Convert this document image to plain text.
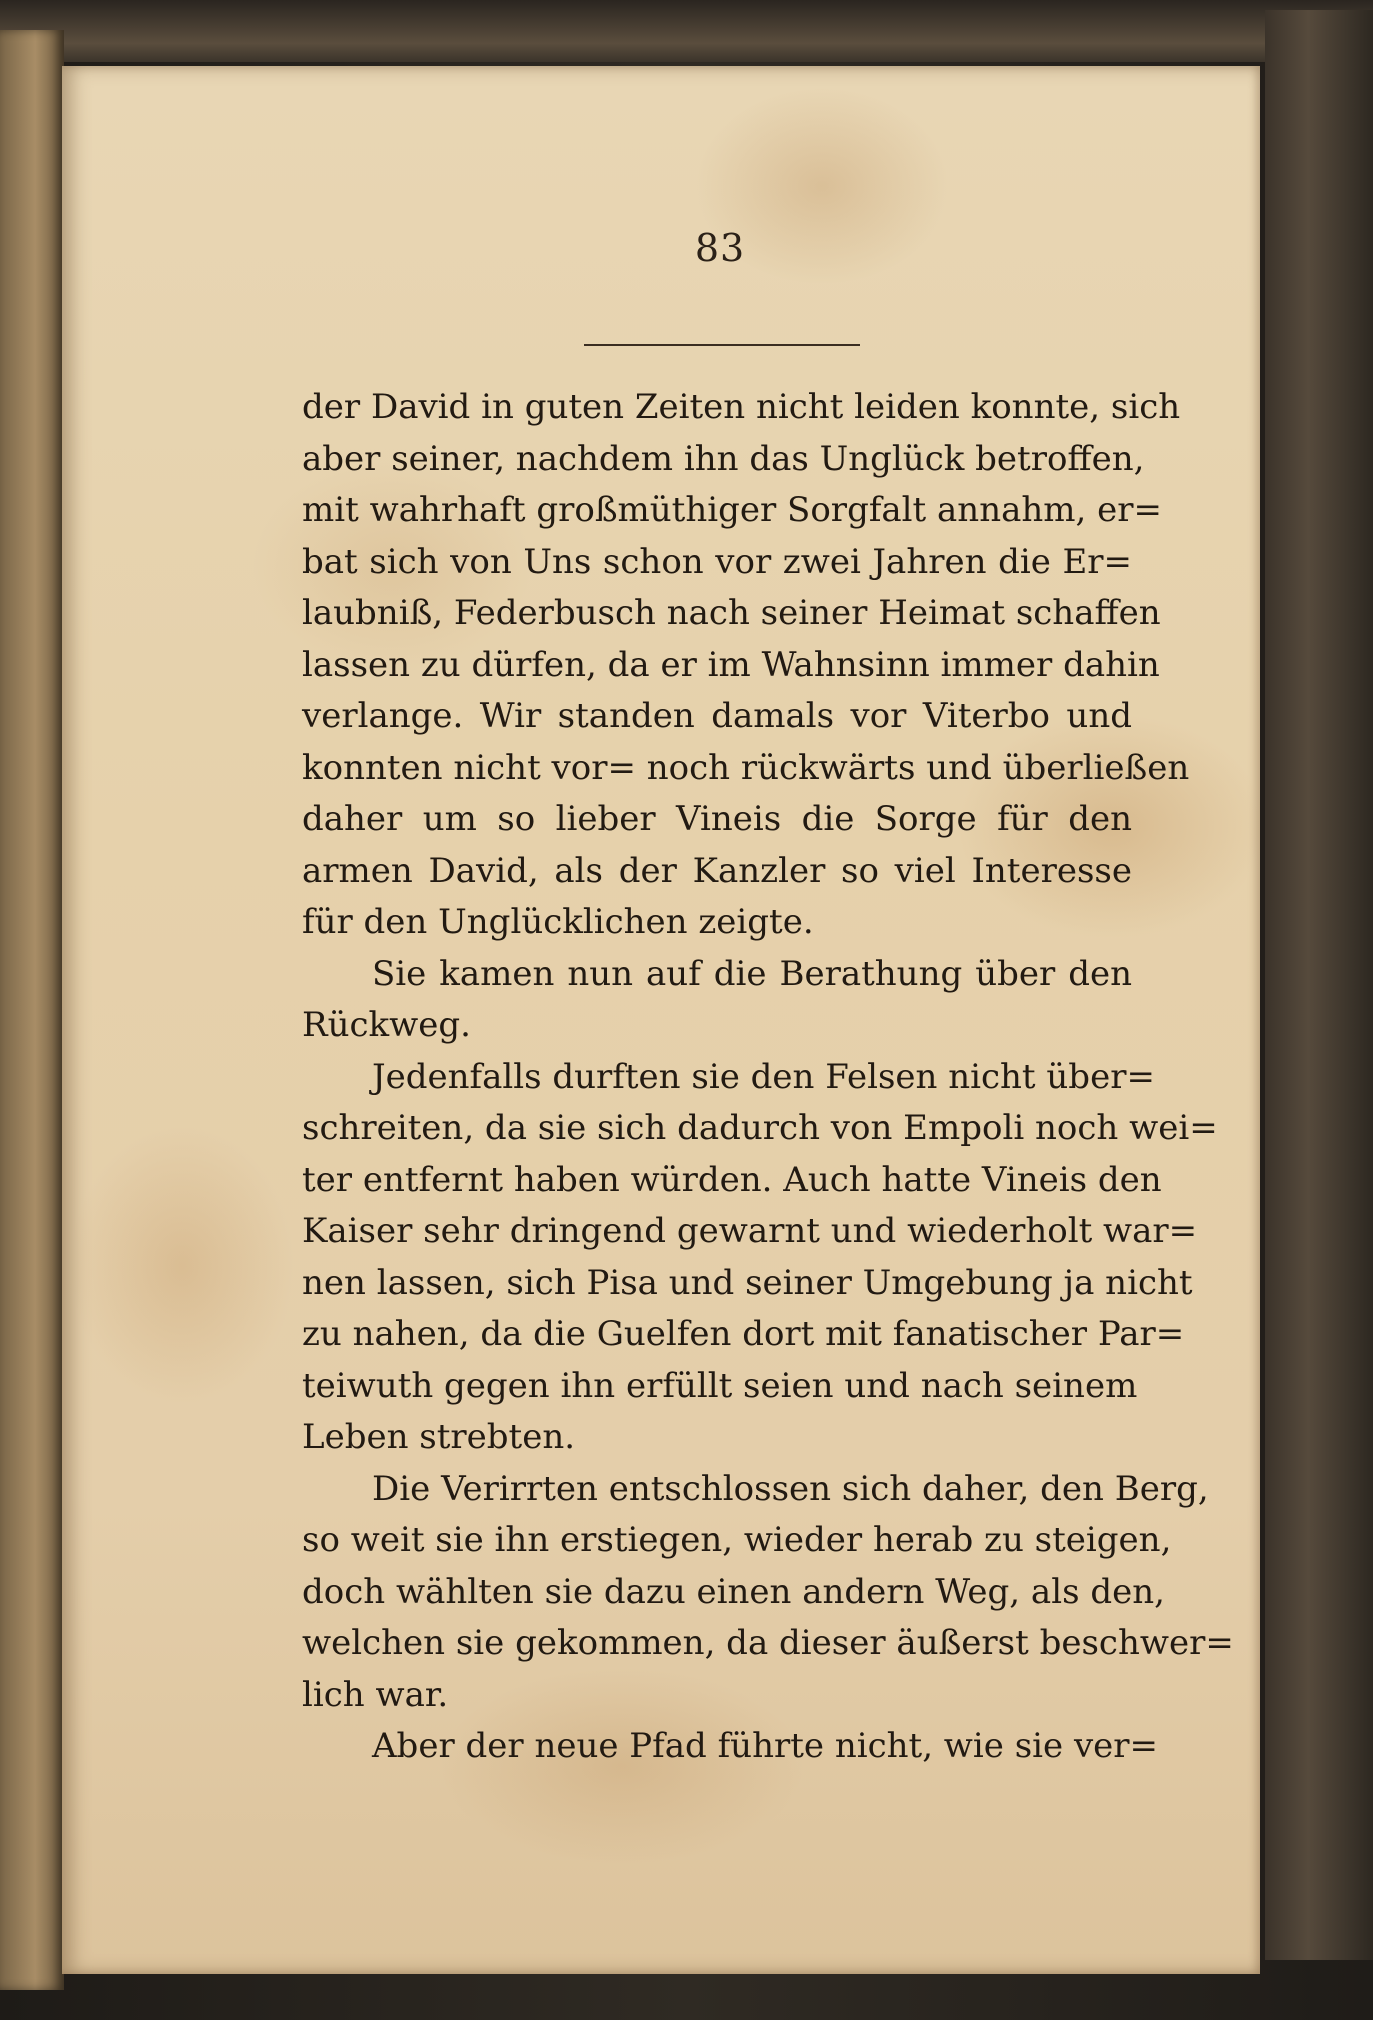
83
der David in guten Zeiten nicht leiden konnte, sich
aber seiner, nachdem ihn das Unglück betroffen,
mit wahrhaft großmüthiger Sorgfalt annahm, er=
bat sich von Uns schon vor zwei Jahren die Er=
laubniß, Federbusch nach seiner Heimat schaffen
lassen zu dürfen, da er im Wahnsinn immer dahin
verlange. Wir standen damals vor Viterbo und
konnten nicht vor= noch rückwärts und überließen
daher um so lieber Vineis die Sorge für den
armen David, als der Kanzler so viel Interesse
für den Unglücklichen zeigte.
Sie kamen nun auf die Berathung über den
Rückweg.
Jedenfalls durften sie den Felsen nicht über=
schreiten, da sie sich dadurch von Empoli noch wei=
ter entfernt haben würden. Auch hatte Vineis den
Kaiser sehr dringend gewarnt und wiederholt war=
nen lassen, sich Pisa und seiner Umgebung ja nicht
zu nahen, da die Guelfen dort mit fanatischer Par=
teiwuth gegen ihn erfüllt seien und nach seinem
Leben strebten.
Die Verirrten entschlossen sich daher, den Berg,
so weit sie ihn erstiegen, wieder herab zu steigen,
doch wählten sie dazu einen andern Weg, als den,
welchen sie gekommen, da dieser äußerst beschwer=
lich war.
Aber der neue Pfad führte nicht, wie sie ver=
